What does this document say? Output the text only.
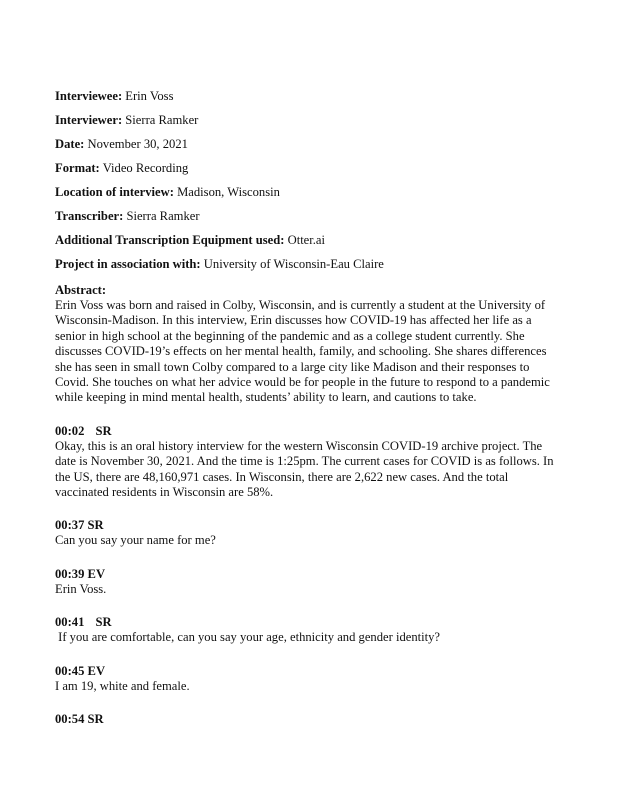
Interviewee: Erin Voss

Interviewer: Sierra Ramker

Date: November 30, 2021

Format: Video Recording

Location of interview: Madison, Wisconsin

Transcriber: Sierra Ramker

Additional Transcription Equipment used: Otter.ai

Project in association with: University of Wisconsin-Eau Claire

Abstract:

Erin Voss was born and raised in Colby, Wisconsin, and is currently a student at the University of Wisconsin-Madison. In this interview, Erin discusses how COVID-19 has affected her life as a senior in high school at the beginning of the pandemic and as a college student currently. She discusses COVID-19’s effects on her mental health, family, and schooling. She shares differences she has seen in small town Colby compared to a large city like Madison and their responses to Covid. She touches on what her advice would be for people in the future to respond to a pandemic while keeping in mind mental health, students’ ability to learn, and cautions to take.

00:02 SR

Okay, this is an oral history interview for the western Wisconsin COVID-19 archive project. The date is November 30, 2021. And the time is 1:25pm. The current cases for COVID is as follows. In the US, there are 48,160,971 cases. In Wisconsin, there are 2,622 new cases. And the total vaccinated residents in Wisconsin are 58%.

00:37 SR

Can you say your name for me?

00:39 EV

Erin Voss.

00:41 SR

If you are comfortable, can you say your age, ethnicity and gender identity?

00:45 EV

I am 19, white and female.

00:54 SR
